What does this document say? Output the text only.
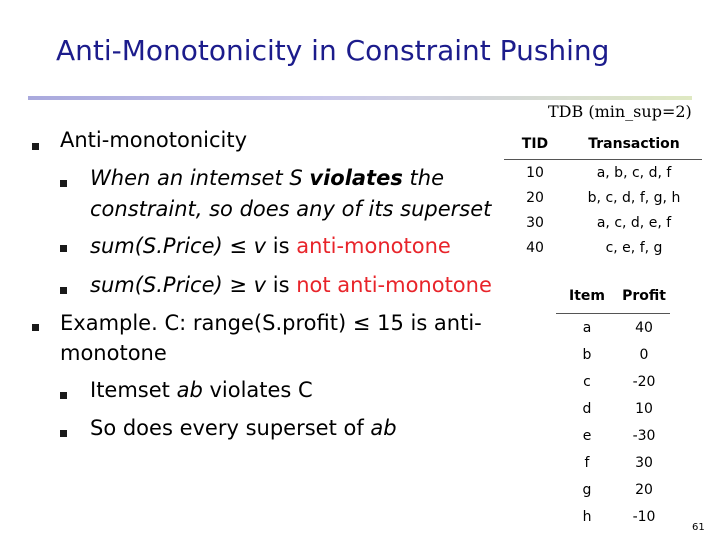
Anti-Monotonicity in Constraint Pushing
Anti-monotonicity
When an intemset S violates the
constraint, so does any of its superset
sum(S.Price) ≤ v is anti-monotone
sum(S.Price) ≥ v is not anti-monotone
Example. C: range(S.profit) ≤ 15 is anti-
monotone
Itemset ab violates C
So does every superset of ab
TDB (min_sup=2)
TID	Transaction
10	a, b, c, d, f
20	b, c, d, f, g, h
30	a, c, d, e, f
40	c, e, f, g
Item	Profit
a	40
b	0
c	-20
d	10
e	-30
f	30
g	20
h	-10
61
